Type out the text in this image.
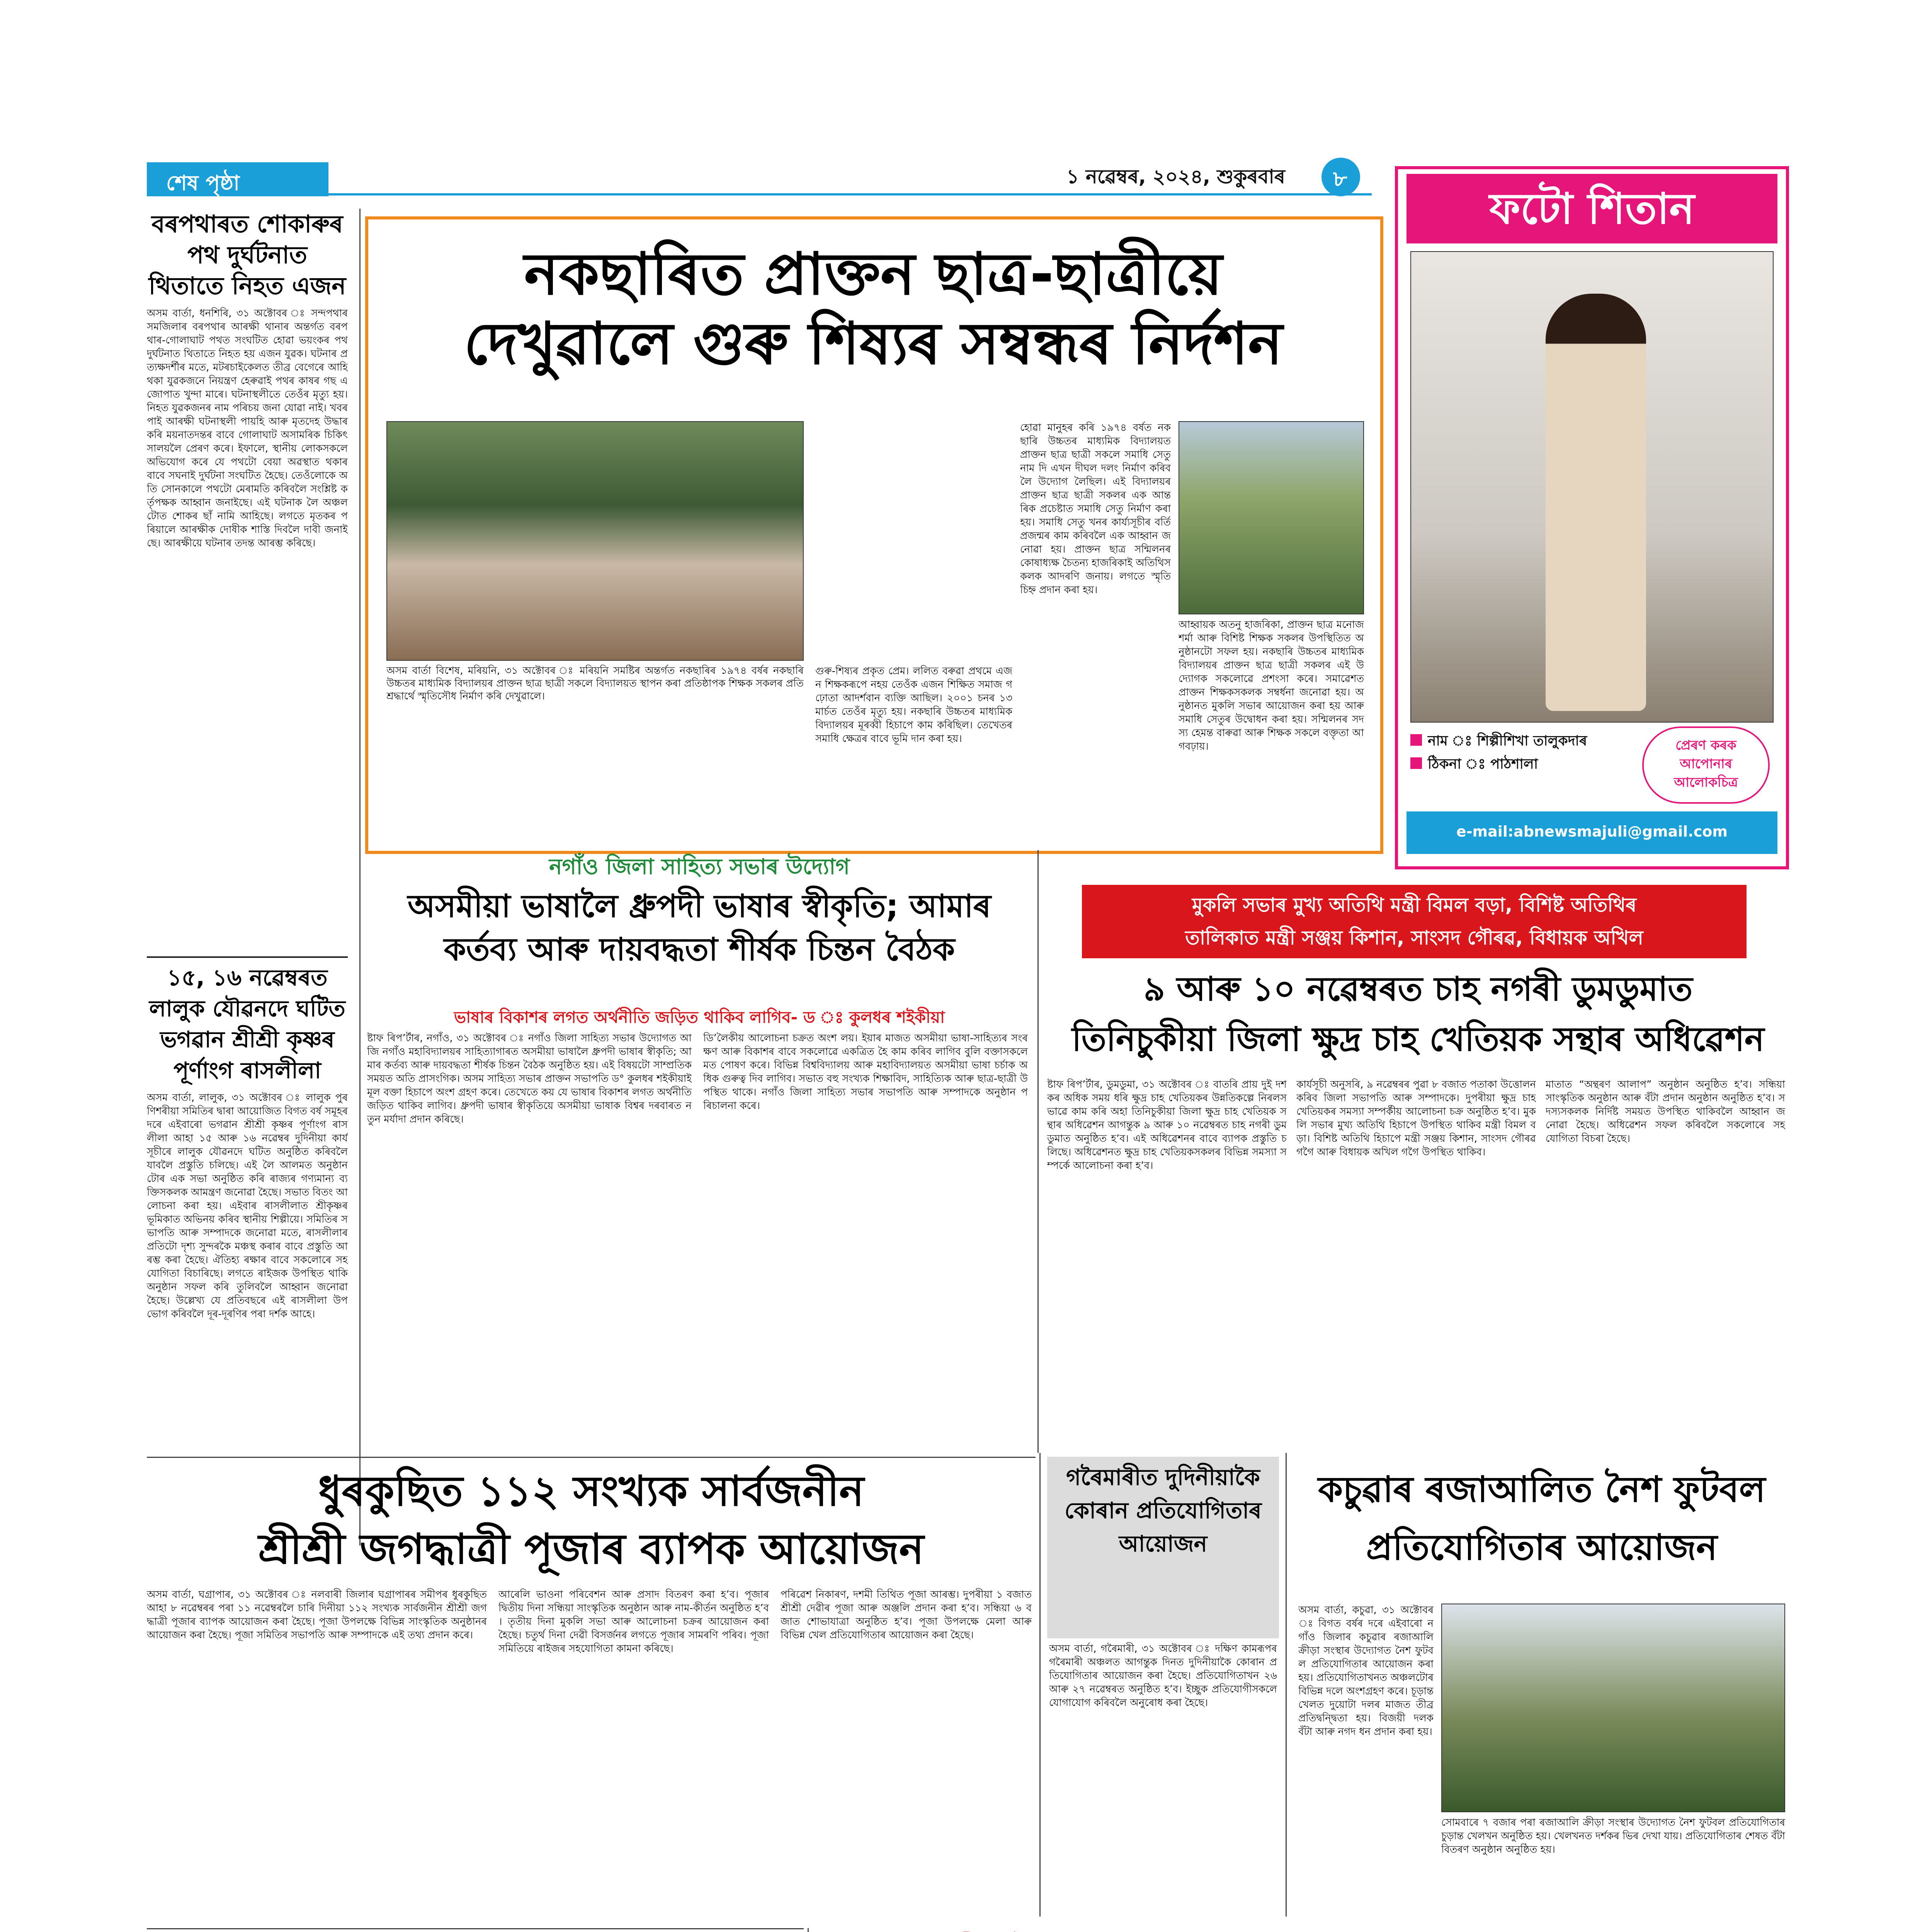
শেষ পৃষ্ঠা	১ নৱেম্বৰ, ২০২৪, শুকুৰবাৰ ৮
বৰপথাৰত শোকাৰুৰ পথ দুৰ্ঘটনাত থিতাতে নিহত এজন
অসম বাৰ্তা, ধনশিৰি, ৩১ অক্টোবৰ ঃ সন্দপথাৰ সমজিলাৰ বৰপথাৰ আৰক্ষী থানাৰ অন্তৰ্গত বৰপথাৰ-গোলাঘাট পথত সংঘটিত হোৱা ভয়ংকৰ পথ দুৰ্ঘটনাত থিতাতে নিহত হয় এজন যুৱক। ঘটনাৰ প্ৰত্যক্ষদৰ্শীৰ মতে, মটৰচাইকেলত তীব্ৰ বেগেৰে আহি থকা যুৱকজনে নিয়ন্ত্ৰণ হেৰুৱাই পথৰ কাষৰ গছ এজোপাত খুন্দা মাৰে। ঘটনাস্থলীতে তেওঁৰ মৃত্যু হয়। নিহত যুৱকজনৰ নাম পৰিচয় জনা যোৱা নাই। খবৰ পাই আৰক্ষী ঘটনাস্থলী পায়হি আৰু মৃতদেহ উদ্ধাৰ কৰি ময়নাতদন্তৰ বাবে গোলাঘাট অসামৰিক চিকিৎসালয়লৈ প্ৰেৰণ কৰে। ইফালে, স্থানীয় লোকসকলে অভিযোগ কৰে যে পথটো বেয়া অৱস্থাত থকাৰ বাবে সঘনাই দুৰ্ঘটনা সংঘটিত হৈছে। তেওঁলোকে অতি সোনকালে পথটো মেৰামতি কৰিবলৈ সংশ্লিষ্ট কৰ্তৃপক্ষক আহ্বান জনাইছে। এই ঘটনাক লৈ অঞ্চলটোত শোকৰ ছাঁ নামি আহিছে। লগতে মৃতকৰ পৰিয়ালে আৰক্ষীক দোষীক শাস্তি দিবলৈ দাবী জনাইছে। আৰক্ষীয়ে ঘটনাৰ তদন্ত আৰম্ভ কৰিছে।
১৫, ১৬ নৱেম্বৰত লালুক যৌৱনদে ঘটিত ভগৱান শ্ৰীশ্ৰী কৃষ্ণৰ পূৰ্ণাংগ ৰাসলীলা
অসম বাৰ্তা, লালুক, ৩১ অক্টোবৰ ঃ লালুক পুৰণিশৰীয়া সমিতিৰ দ্বাৰা আয়োজিত বিগত বৰ্ষ সমূহৰ দৰে এইবাৰো ভগৱান শ্ৰীশ্ৰী কৃষ্ণৰ পূৰ্ণাংগ ৰাসলীলা আহা ১৫ আৰু ১৬ নৱেম্বৰ দুদিনীয়া কাৰ্যসূচীৰে লালুক যৌৱনদে ঘটিত অনুষ্ঠিত কৰিবলৈ যাবলৈ প্ৰস্তুতি চলিছে। এই লৈ আলমত অনুষ্ঠানটোৰ এক সভা অনুষ্ঠিত কৰি ৰাজ্যৰ গণ্যমান্য ব্যক্তিসকলক আমন্ত্ৰণ জনোৱা হৈছে। সভাত বিতং আলোচনা কৰা হয়। এইবাৰ ৰাসলীলাত শ্ৰীকৃষ্ণৰ ভূমিকাত অভিনয় কৰিব স্থানীয় শিল্পীয়ে। সমিতিৰ সভাপতি আৰু সম্পাদকে জনোৱা মতে, ৰাসলীলাৰ প্ৰতিটো দৃশ্য সুন্দৰকৈ মঞ্চস্থ কৰাৰ বাবে প্ৰস্তুতি আৰম্ভ কৰা হৈছে। ঐতিহ্য ৰক্ষাৰ বাবে সকলোৰে সহযোগিতা বিচাৰিছে। লগতে ৰাইজক উপস্থিত থাকি অনুষ্ঠান সফল কৰি তুলিবলৈ আহ্বান জনোৱা হৈছে। উল্লেখ্য যে প্ৰতিবছৰে এই ৰাসলীলা উপভোগ কৰিবলৈ দূৰ-দূৰণিৰ পৰা দৰ্শক আহে।
নকছাৰিত প্ৰাক্তন ছাত্ৰ-ছাত্ৰীয়ে
দেখুৱালে গুৰু শিষ্যৰ সম্বন্ধৰ নিৰ্দশন
অসম বাৰ্তা বিশেষ, মৰিয়নি, ৩১ অক্টোবৰ ঃ মৰিয়নি সমষ্টিৰ অন্তৰ্গত নকছাৰিৰ ১৯৭৪ বৰ্ষৰ নকছাৰি উচ্চতৰ মাধ্যমিক বিদ্যালয়ৰ প্ৰাক্তন ছাত্ৰ ছাত্ৰী সকলে বিদ্যালয়ত স্থাপন কৰা প্ৰতিষ্ঠাপক শিক্ষক সকলৰ প্ৰতি শ্ৰদ্ধাৰ্থে স্মৃতিসৌধ নিৰ্মাণ কৰি দেখুৱালে।
গুৰু-শিষ্যৰ প্ৰকৃত প্ৰেম। ললিত বৰুৱা প্ৰথমে এজন শিক্ষকৰূপে নহয় তেওঁক এজন শিক্ষিত সমাজ গঢ়োতা আদৰ্শবান ব্যক্তি আছিল। ২০০১ চনৰ ১৩ মাৰ্চত তেওঁৰ মৃত্যু হয়। নকছাৰি উচ্চতৰ মাধ্যমিক বিদ্যালয়ৰ মূৰব্বী হিচাপে কাম কৰিছিল। তেখেতৰ সমাধি ক্ষেত্ৰৰ বাবে ভূমি দান কৰা হয়।
হোৱা মানুহৰ কৰি ১৯৭৪ বৰ্ষত নকছাৰি উচ্চতৰ মাধ্যমিক বিদ্যালয়ত প্ৰাক্তন ছাত্ৰ ছাত্ৰী সকলে সমাধি সেতু নাম দি এখন দীঘল দলং নিৰ্মাণ কৰিবলৈ উদ্যোগ লৈছিল। এই বিদ্যালয়ৰ প্ৰাক্তন ছাত্ৰ ছাত্ৰী সকলৰ এক আন্তৰিক প্ৰচেষ্টাত সমাধি সেতু নিৰ্মাণ কৰা হয়। সমাধি সেতু খনৰ কাৰ্য্যসূচীৰ বৰ্তি প্ৰজন্মৰ কাম কৰিবলৈ এক আহ্বান জনোৱা হয়। প্ৰাক্তন ছাত্ৰ সন্মিলনৰ কোষাধ্যক্ষ চৈতন্য হাজৰিকাই অতিথিসকলক আদৰণি জনায়। লগতে স্মৃতি চিহ্ন প্ৰদান কৰা হয়।
আহ্বায়ক অতনু হাজৰিকা, প্ৰাক্তন ছাত্ৰ মনোজ শৰ্মা আৰু বিশিষ্ট শিক্ষক সকলৰ উপস্থিতিত অনুষ্ঠানটো সফল হয়। নকছাৰি উচ্চতৰ মাধ্যমিক বিদ্যালয়ৰ প্ৰাক্তন ছাত্ৰ ছাত্ৰী সকলৰ এই উদ্যোগক সকলোৱে প্ৰশংসা কৰে। সমাৱেশত প্ৰাক্তন শিক্ষকসকলক সম্বৰ্ধনা জনোৱা হয়। অনুষ্ঠানত মুকলি সভাৰ আয়োজন কৰা হয় আৰু সমাধি সেতুৰ উদ্বোধন কৰা হয়। সন্মিলনৰ সদস্য হেমন্ত বাৰুৱা আৰু শিক্ষক সকলে বক্তৃতা আগবঢ়ায়।
ফটো শিতান
নাম ঃ শিল্পীশিখা তালুকদাৰ
ঠিকনা ঃ পাঠশালা
প্ৰেৰণ কৰক আপোনাৰ আলোকচিত্ৰ
e-mail:abnewsmajuli@gmail.com
নগাঁও জিলা সাহিত্য সভাৰ উদ্যোগ
অসমীয়া ভাষালৈ ধ্ৰুপদী ভাষাৰ স্বীকৃতি; আমাৰ কৰ্তব্য আৰু দায়বদ্ধতা শীৰ্ষক চিন্তন বৈঠক
ভাষাৰ বিকাশৰ লগত অৰ্থনীতি জড়িত থাকিব লাগিব- ড ঃ কুলধৰ শইকীয়া
ষ্টাফ ৰিপ’ৰ্টাৰ, নগাঁও, ৩১ অক্টোবৰ ঃ নগাঁও জিলা সাহিত্য সভাৰ উদ্যোগত আজি নগাঁও মহাবিদ্যালয়ৰ সাহিত্যাগাৰত অসমীয়া ভাষালৈ ধ্ৰুপদী ভাষাৰ স্বীকৃতি; আমাৰ কৰ্তব্য আৰু দায়বদ্ধতা শীৰ্ষক চিন্তন বৈঠক অনুষ্ঠিত হয়। এই বিষয়টো সাম্প্ৰতিক সময়ত অতি প্ৰাসংগিক। অসম সাহিত্য সভাৰ প্ৰাক্তন সভাপতি ড° কুলধৰ শইকীয়াই মূল বক্তা হিচাপে অংশ গ্ৰহণ কৰে। তেখেতে কয় যে ভাষাৰ বিকাশৰ লগত অৰ্থনীতি জড়িত থাকিব লাগিব। ধ্ৰুপদী ভাষাৰ স্বীকৃতিয়ে অসমীয়া ভাষাক বিশ্বৰ দৰবাৰত নতুন মৰ্যাদা প্ৰদান কৰিছে।
ডি’লৈকীয় আলোচনা চক্ৰত অংশ লয়। ইয়াৰ মাজত অসমীয়া ভাষা-সাহিত্যৰ সংৰক্ষণ আৰু বিকাশৰ বাবে সকলোৱে একত্ৰিত হৈ কাম কৰিব লাগিব বুলি বক্তাসকলে মত পোষণ কৰে। বিভিন্ন বিশ্ববিদ্যালয় আৰু মহাবিদ্যালয়ত অসমীয়া ভাষা চৰ্চাক অধিক গুৰুত্ব দিব লাগিব। সভাত বহু সংখ্যক শিক্ষাবিদ, সাহিত্যিক আৰু ছাত্ৰ-ছাত্ৰী উপস্থিত থাকে। নগাঁও জিলা সাহিত্য সভাৰ সভাপতি আৰু সম্পাদকে অনুষ্ঠান পৰিচালনা কৰে।
মুকলি সভাৰ মুখ্য অতিথি মন্ত্ৰী বিমল বড়া, বিশিষ্ট অতিথিৰ
তালিকাত মন্ত্ৰী সঞ্জয় কিশান, সাংসদ গৌৰৱ, বিধায়ক অখিল
৯ আৰু ১০ নৱেম্বৰত চাহ নগৰী ডুমডুমাত
তিনিচুকীয়া জিলা ক্ষুদ্ৰ চাহ খেতিয়ক সন্থাৰ অধিৱেশন
ষ্টাফ ৰিপ’ৰ্টাৰ, ডুমডুমা, ৩১ অক্টোবৰ ঃ বাতৰি প্ৰায় দুই দশকৰ অধিক সময় ধৰি ক্ষুদ্ৰ চাহ খেতিয়কৰ উন্নতিকল্পে নিৰলসভাৱে কাম কৰি অহা তিনিচুকীয়া জিলা ক্ষুদ্ৰ চাহ খেতিয়ক সন্থাৰ অধিৱেশন আগন্তুক ৯ আৰু ১০ নৱেম্বৰত চাহ নগৰী ডুমডুমাত অনুষ্ঠিত হ’ব। এই অধিৱেশনৰ বাবে ব্যাপক প্ৰস্তুতি চলিছে। অধিৱেশনত ক্ষুদ্ৰ চাহ খেতিয়কসকলৰ বিভিন্ন সমস্যা সম্পৰ্কে আলোচনা কৰা হ’ব।
কাৰ্যসূচী অনুসৰি, ৯ নৱেম্বৰৰ পুৱা ৮ বজাত পতাকা উত্তোলন কৰিব জিলা সভাপতি আৰু সম্পাদকে। দুপৰীয়া ক্ষুদ্ৰ চাহ খেতিয়কৰ সমস্যা সম্পৰ্কীয় আলোচনা চক্ৰ অনুষ্ঠিত হ’ব। মুকলি সভাৰ মুখ্য অতিথি হিচাপে উপস্থিত থাকিব মন্ত্ৰী বিমল বড়া। বিশিষ্ট অতিথি হিচাপে মন্ত্ৰী সঞ্জয় কিশান, সাংসদ গৌৰৱ গগৈ আৰু বিধায়ক অখিল গগৈ উপস্থিত থাকিব।
মাতাত “অন্থৰণ আলাপ” অনুষ্ঠান অনুষ্ঠিত হ’ব। সন্ধিয়া সাংস্কৃতিক অনুষ্ঠান আৰু বঁটা প্ৰদান অনুষ্ঠান অনুষ্ঠিত হ’ব। সদস্যসকলক নিৰ্দিষ্ট সময়ত উপস্থিত থাকিবলৈ আহ্বান জনোৱা হৈছে। অধিৱেশন সফল কৰিবলৈ সকলোৰে সহযোগিতা বিচৰা হৈছে।
গৰৈমাৰীত দুদিনীয়াকৈ কোৰান প্ৰতিযোগিতাৰ আয়োজন
অসম বাৰ্তা, গৰৈমাৰী, ৩১ অক্টোবৰ ঃ দক্ষিণ কামৰূপৰ গৰৈমাৰী অঞ্চলত আগন্তুক দিনত দুদিনীয়াকৈ কোৰান প্ৰতিযোগিতাৰ আয়োজন কৰা হৈছে। প্ৰতিযোগিতাখন ২৬ আৰু ২৭ নৱেম্বৰত অনুষ্ঠিত হ’ব। ইচ্ছুক প্ৰতিযোগীসকলে যোগাযোগ কৰিবলৈ অনুৰোধ কৰা হৈছে।
কচুৱাৰ ৰজাআলিত নৈশ ফুটবল প্ৰতিযোগিতাৰ আয়োজন
অসম বাৰ্তা, কচুৱা, ৩১ অক্টোবৰ ঃ বিগত বৰ্ষৰ দৰে এইবাৰো নগাঁও জিলাৰ কচুৱাৰ ৰজাআলি ক্ৰীড়া সংস্থাৰ উদ্যোগত নৈশ ফুটবল প্ৰতিযোগিতাৰ আয়োজন কৰা হয়। প্ৰতিযোগিতাখনত অঞ্চলটোৰ বিভিন্ন দলে অংশগ্ৰহণ কৰে। চূড়ান্ত খেলত দুয়োটা দলৰ মাজত তীব্ৰ প্ৰতিদ্বন্দ্বিতা হয়। বিজয়ী দলক বঁটা আৰু নগদ ধন প্ৰদান কৰা হয়।
সোমবাৰে ৭ বজাৰ পৰা ৰজাআলি ক্ৰীড়া সংস্থাৰ উদ্যোগত নৈশ ফুটবল প্ৰতিযোগিতাৰ চুড়ান্ত খেলখন অনুষ্ঠিত হয়। খেলখনত দৰ্শকৰ ভিৰ দেখা যায়। প্ৰতিযোগিতাৰ শেষত বঁটা বিতৰণ অনুষ্ঠান অনুষ্ঠিত হয়।
ধুৰকুছিত ১১২ সংখ্যক সাৰ্বজনীন
শ্ৰীশ্ৰী জগদ্ধাত্ৰী পূজাৰ ব্যাপক আয়োজন
অসম বাৰ্তা, ঘগ্ৰাপাৰ, ৩১ অক্টোবৰ ঃ নলবাৰী জিলাৰ ঘগ্ৰাপাৰৰ সমীপৰ ধুৰকুছিত আহা ৮ নৱেম্বৰৰ পৰা ১১ নৱেম্বৰলৈ চাৰি দিনীয়া ১১২ সংখ্যক সাৰ্বজনীন শ্ৰীশ্ৰী জগদ্ধাত্ৰী পূজাৰ ব্যাপক আয়োজন কৰা হৈছে। পূজা উপলক্ষে বিভিন্ন সাংস্কৃতিক অনুষ্ঠানৰ আয়োজন কৰা হৈছে। পূজা সমিতিৰ সভাপতি আৰু সম্পাদকে এই তথ্য প্ৰদান কৰে।
আৰেলি ভাওনা পৰিবেশন আৰু প্ৰসাদ বিতৰণ কৰা হ’ব। পূজাৰ দ্বিতীয় দিনা সন্ধিয়া সাংস্কৃতিক অনুষ্ঠান আৰু নাম-কীৰ্তন অনুষ্ঠিত হ’ব। তৃতীয় দিনা মুকলি সভা আৰু আলোচনা চক্ৰৰ আয়োজন কৰা হৈছে। চতুৰ্থ দিনা দেৱী বিসৰ্জনৰ লগতে পূজাৰ সামৰণি পৰিব। পূজা সমিতিয়ে ৰাইজৰ সহযোগিতা কামনা কৰিছে।
পৰিৱেশ নিকাৰণ, দশমী তিথিত পূজা আৰম্ভ। দুপৰীয়া ১ বজাত শ্ৰীশ্ৰী দেৱীৰ পূজা আৰু অঞ্জলি প্ৰদান কৰা হ’ব। সন্ধিয়া ৬ বজাত শোভাযাত্ৰা অনুষ্ঠিত হ’ব। পূজা উপলক্ষে মেলা আৰু বিভিন্ন খেল প্ৰতিযোগিতাৰ আয়োজন কৰা হৈছে।
